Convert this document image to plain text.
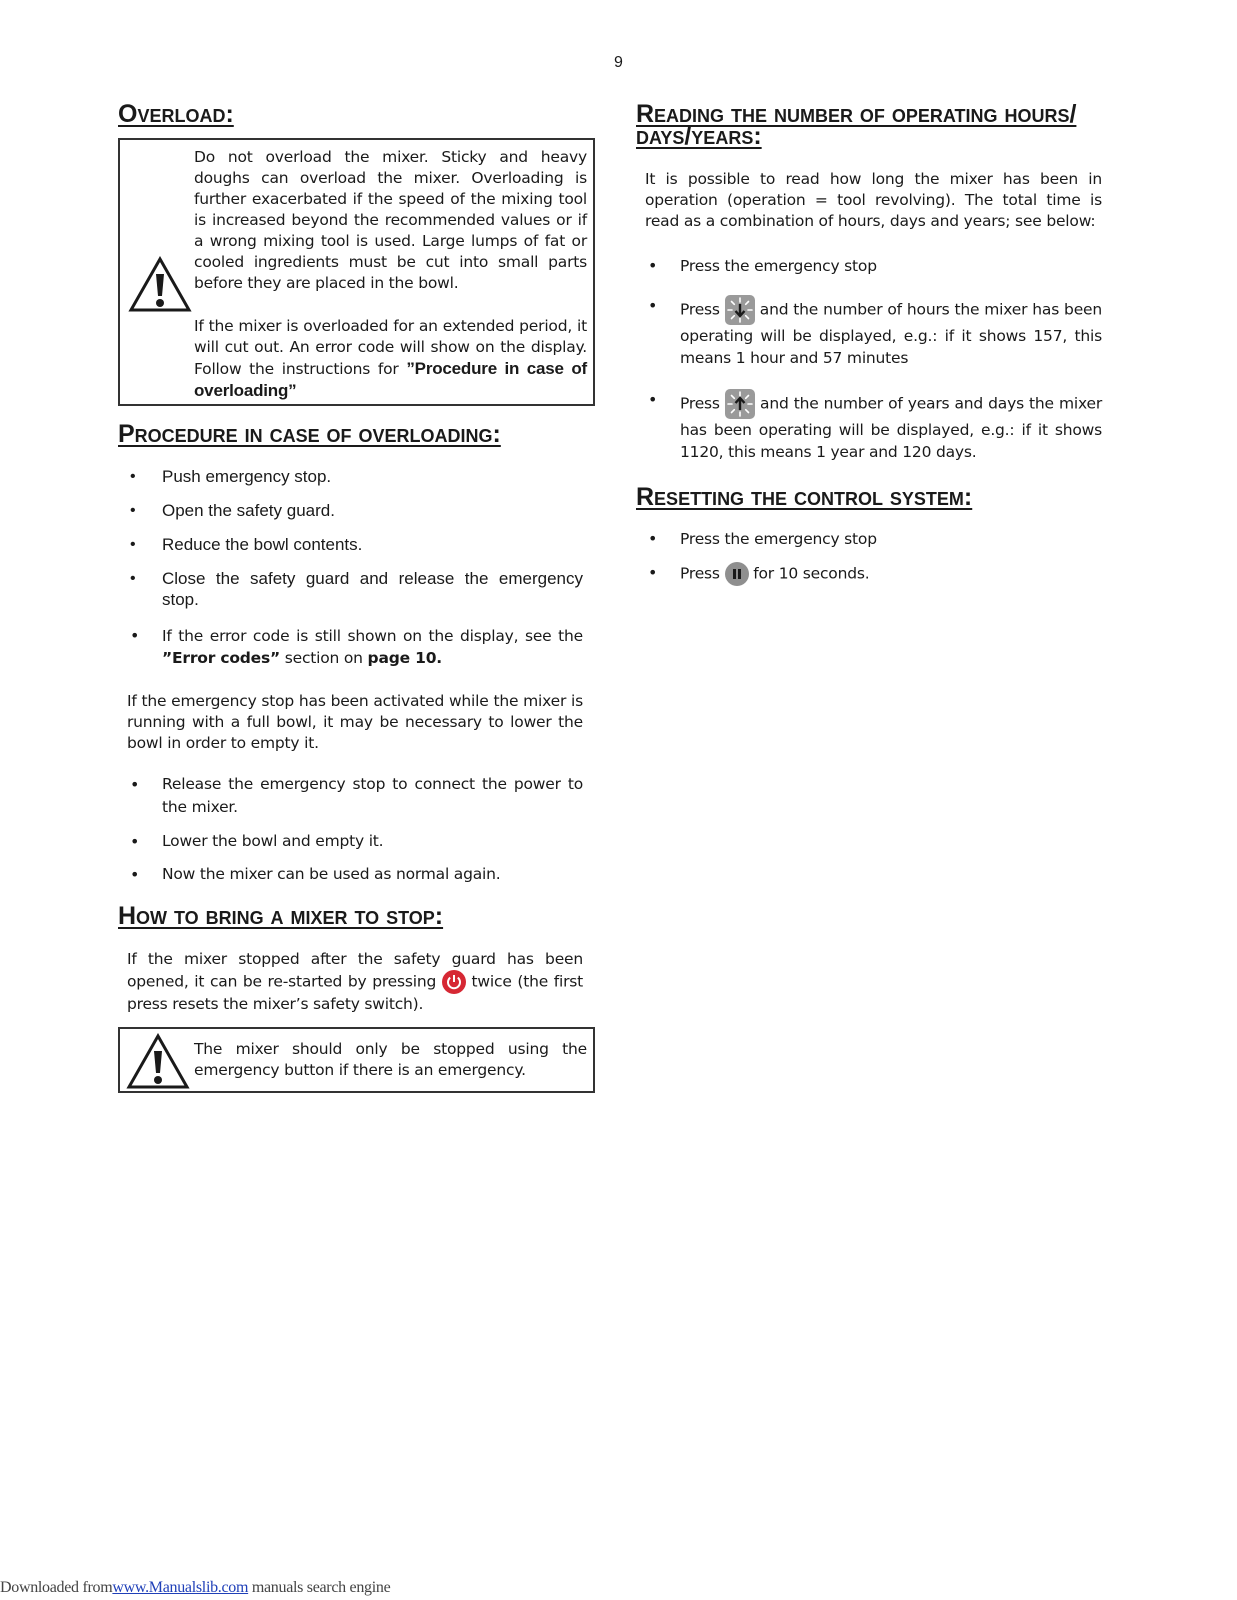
9
Overload:

Do not overload the mixer. Sticky and heavy doughs can overload the mixer. Overloading is further exacerbated if the speed of the mixing tool is increased beyond the recommended values or if a wrong mixing tool is used. Large lumps of fat or cooled ingredients must be cut into small parts before they are placed in the bowl.

If the mixer is overloaded for an extended period, it will cut out. An error code will show on the display. Follow the instructions for ”Procedure in case of overloading”

Procedure in case of overloading:
• Push emergency stop.
• Open the safety guard.
• Reduce the bowl contents.
• Close the safety guard and release the emergency stop.
• If the error code is still shown on the display, see the ”Error codes” section on page 10.

If the emergency stop has been activated while the mixer is running with a full bowl, it may be necessary to lower the bowl in order to empty it.

• Release the emergency stop to connect the power to the mixer.
• Lower the bowl and empty it.
• Now the mixer can be used as normal again.
How to bring a mixer to stop:

If the mixer stopped after the safety guard has been opened, it can be re-started by pressing twice (the first press resets the mixer’s safety switch).

The mixer should only be stopped using the emergency button if there is an emergency.

Reading the number of operating hours/
days/years:

It is possible to read how long the mixer has been in operation (operation = tool revolving). The total time is read as a combination of hours, days and years; see below:

• Press the emergency stop
• Press	and the number of hours the mixer has been operating will be displayed, e.g.: if it shows 157, this means 1 hour and 57 minutes
• Press	and the number of years and days the mixer has been operating will be displayed, e.g.: if it shows 1120, this means 1 year and 120 days.
Resetting the control system:
• Press the emergency stop
• Press for 10 seconds.
Downloaded fromwww.Manualslib.com manuals search engine
